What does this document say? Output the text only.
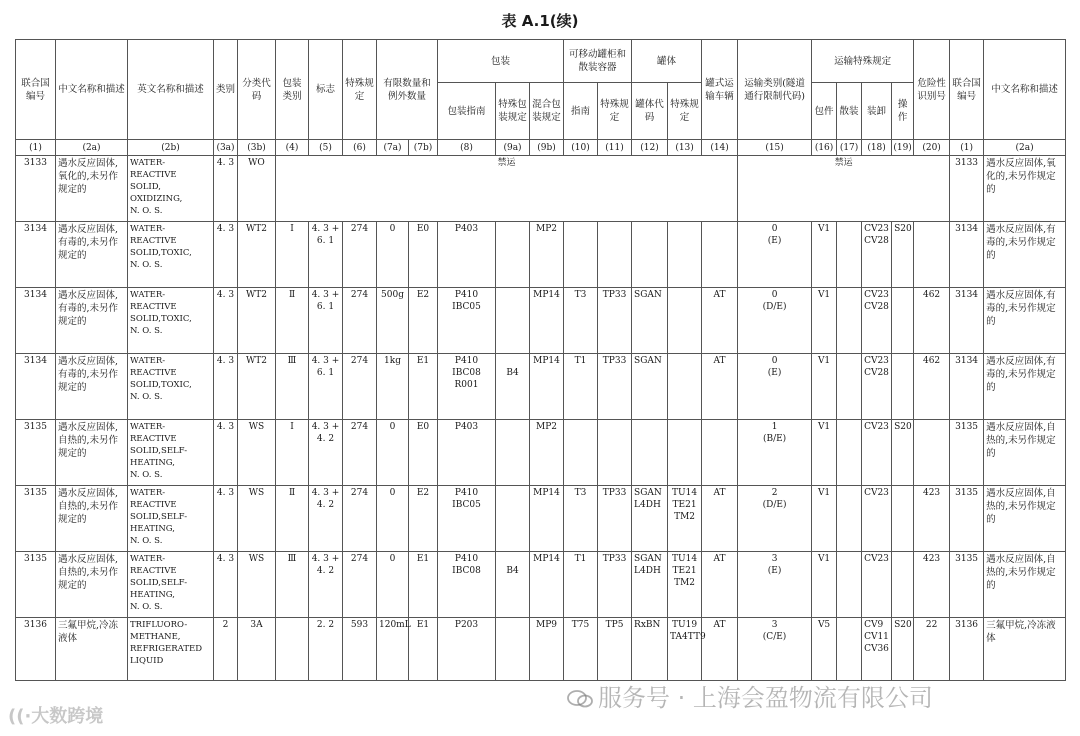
表 A.1(续)
联合国编号	中文名称和描述	英文名称和描述	类别	分类代码	包装类别	标志	特殊规定	有限数量和例外数量		包装			可移动罐柜和散装容器		罐体		罐式运输车辆	运输类别(隧道通行限制代码)	运输特殊规定				危险性识别号	联合国编号	中文名称和描述
										包装指南	特殊包装规定	混合包装规定	指南	特殊规定	罐体代码	特殊规定			包件	散装	装卸	操作			
(1)	(2a)	(2b)	(3a)	(3b)	(4)	(5)	(6)	(7a)	(7b)	(8)	(9a)	(9b)	(10)	(11)	(12)	(13)	(14)	(15)	(16)	(17)	(18)	(19)	(20)	(1)	(2a)
3133	遇水反应固体,氧化的,未另作规定的	WATER-
REACTIVE
SOLID,
OXIDIZING,
N. O. S.	4. 3	WO	禁运													禁运						3133	遇水反应固体,氧化的,未另作规定的
3134	遇水反应固体,有毒的,未另作规定的	WATER-
REACTIVE
SOLID,TOXIC,
N. O. S.	4. 3	WT2	Ⅰ	4. 3 +
6. 1	274	0	E0	P403		MP2						0
(E)	V1		CV23
CV28	S20		3134	遇水反应固体,有毒的,未另作规定的
3134	遇水反应固体,有毒的,未另作规定的	WATER-
REACTIVE
SOLID,TOXIC,
N. O. S.	4. 3	WT2	Ⅱ	4. 3 +
6. 1	274	500g	E2	P410
IBC05		MP14	T3	TP33	SGAN		AT	0
(D/E)	V1		CV23
CV28		462	3134	遇水反应固体,有毒的,未另作规定的
3134	遇水反应固体,有毒的,未另作规定的	WATER-
REACTIVE
SOLID,TOXIC,
N. O. S.	4. 3	WT2	Ⅲ	4. 3 +
6. 1	274	1kg	E1	P410
IBC08
R001	B4	MP14	T1	TP33	SGAN		AT	0
(E)	V1		CV23
CV28		462	3134	遇水反应固体,有毒的,未另作规定的
3135	遇水反应固体,自热的,未另作规定的	WATER-
REACTIVE
SOLID,SELF-
HEATING,
N. O. S.	4. 3	WS	Ⅰ	4. 3 +
4. 2	274	0	E0	P403		MP2						1
(B/E)	V1		CV23	S20		3135	遇水反应固体,自热的,未另作规定的
3135	遇水反应固体,自热的,未另作规定的	WATER-
REACTIVE
SOLID,SELF-
HEATING,
N. O. S.	4. 3	WS	Ⅱ	4. 3 +
4. 2	274	0	E2	P410
IBC05		MP14	T3	TP33	SGAN
L4DH	TU14
TE21
TM2	AT	2
(D/E)	V1		CV23		423	3135	遇水反应固体,自热的,未另作规定的
3135	遇水反应固体,自热的,未另作规定的	WATER-
REACTIVE
SOLID,SELF-
HEATING,
N. O. S.	4. 3	WS	Ⅲ	4. 3 +
4. 2	274	0	E1	P410
IBC08	B4	MP14	T1	TP33	SGAN
L4DH	TU14
TE21
TM2	AT	3
(E)	V1		CV23		423	3135	遇水反应固体,自热的,未另作规定的
3136	三氟甲烷,冷冻液体	TRIFLUORO-
METHANE,
REFRIGERATED
LIQUID	2	3A		2. 2	593	120mL	E1	P203		MP9	T75	TP5	RxBN	TU19
TA4TT9	AT	3
(C/E)	V5		CV9
CV11
CV36	S20	22	3136	三氟甲烷,冷冻液体
服务号 · 上海会盈物流有限公司
((·大数跨境
